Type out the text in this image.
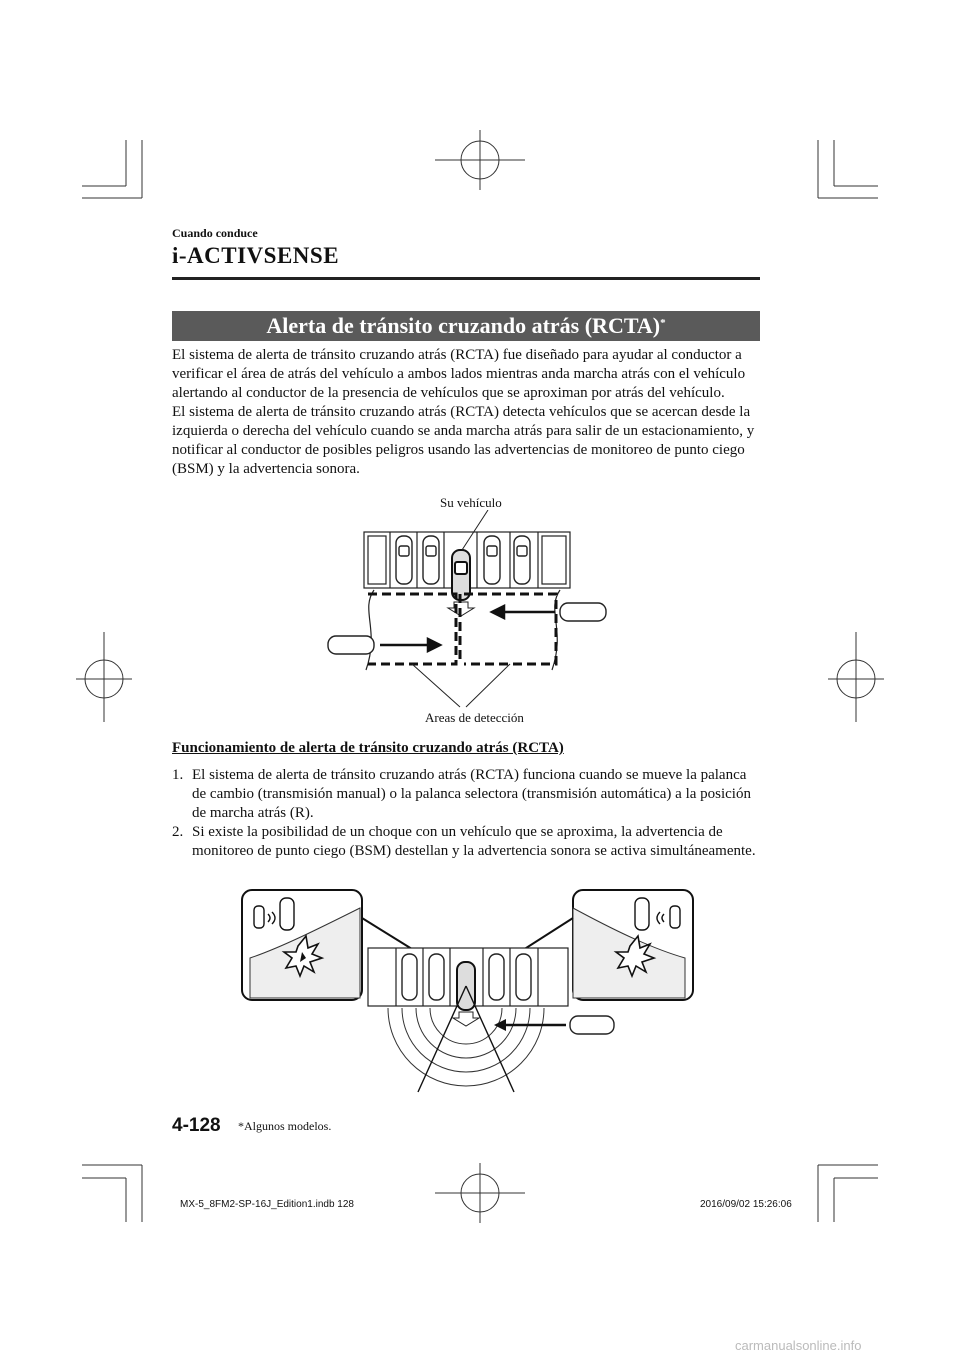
Cuando conduce
i-ACTIVSENSE
Alerta de tránsito cruzando atrás (RCTA)*

El sistema de alerta de tránsito cruzando atrás (RCTA) fue diseñado para ayudar al conductor a verificar el área de atrás del vehículo a ambos lados mientras anda marcha atrás con el vehículo alertando al conductor de la presencia de vehículos que se aproximan por atrás del vehículo.

El sistema de alerta de tránsito cruzando atrás (RCTA) detecta vehículos que se acercan desde la izquierda o derecha del vehículo cuando se anda marcha atrás para salir de un estacionamiento, y notificar al conductor de posibles peligros usando las advertencias de monitoreo de punto ciego (BSM) y la advertencia sonora.

Su vehículo
Areas de detección
Funcionamiento de alerta de tránsito cruzando atrás (RCTA)
1. El sistema de alerta de tránsito cruzando atrás (RCTA) funciona cuando se mueve la palanca de cambio (transmisión manual) o la palanca selectora (transmisión automática) a la posición de marcha atrás (R).
2. Si existe la posibilidad de un choque con un vehículo que se aproxima, la advertencia de monitoreo de punto ciego (BSM) destellan y la advertencia sonora se activa simultáneamente.
4-128 *Algunos modelos.
MX-5_8FM2-SP-16J_Edition1.indb 128	2016/09/02 15:26:06
carmanualsonline.info
